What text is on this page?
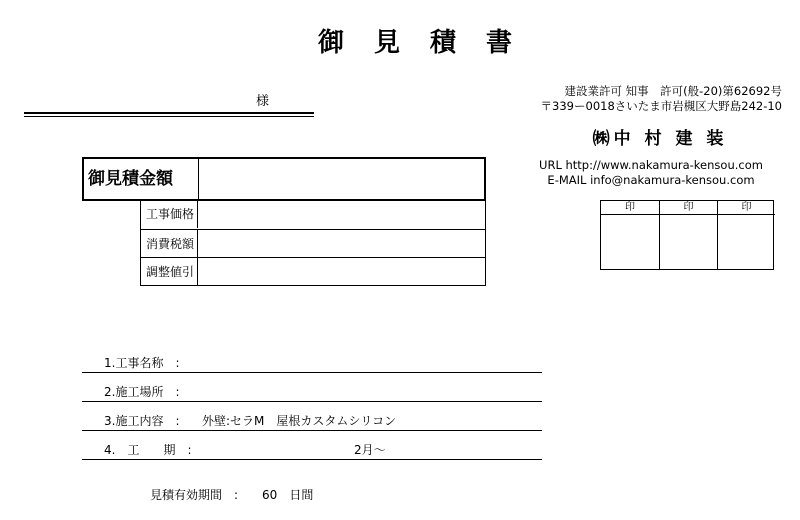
御見積書
様
建設業許可 知事　許可(般-20)第62692号
〒339ー0018さいたま市岩槻区大野島242-10
㈱中 村 建 装
URL http://www.nakamura-kensou.com
E-MAIL info@nakamura-kensou.com
印	印	印
御見積金額
工事価格
消費税額
調整値引
1.工事名称　:
2.施工場所　:
3.施工内容　: 外壁:セラM　屋根カスタムシリコン
4.　工　　期　:	2月～
見積有効期間　:　　60　日間
